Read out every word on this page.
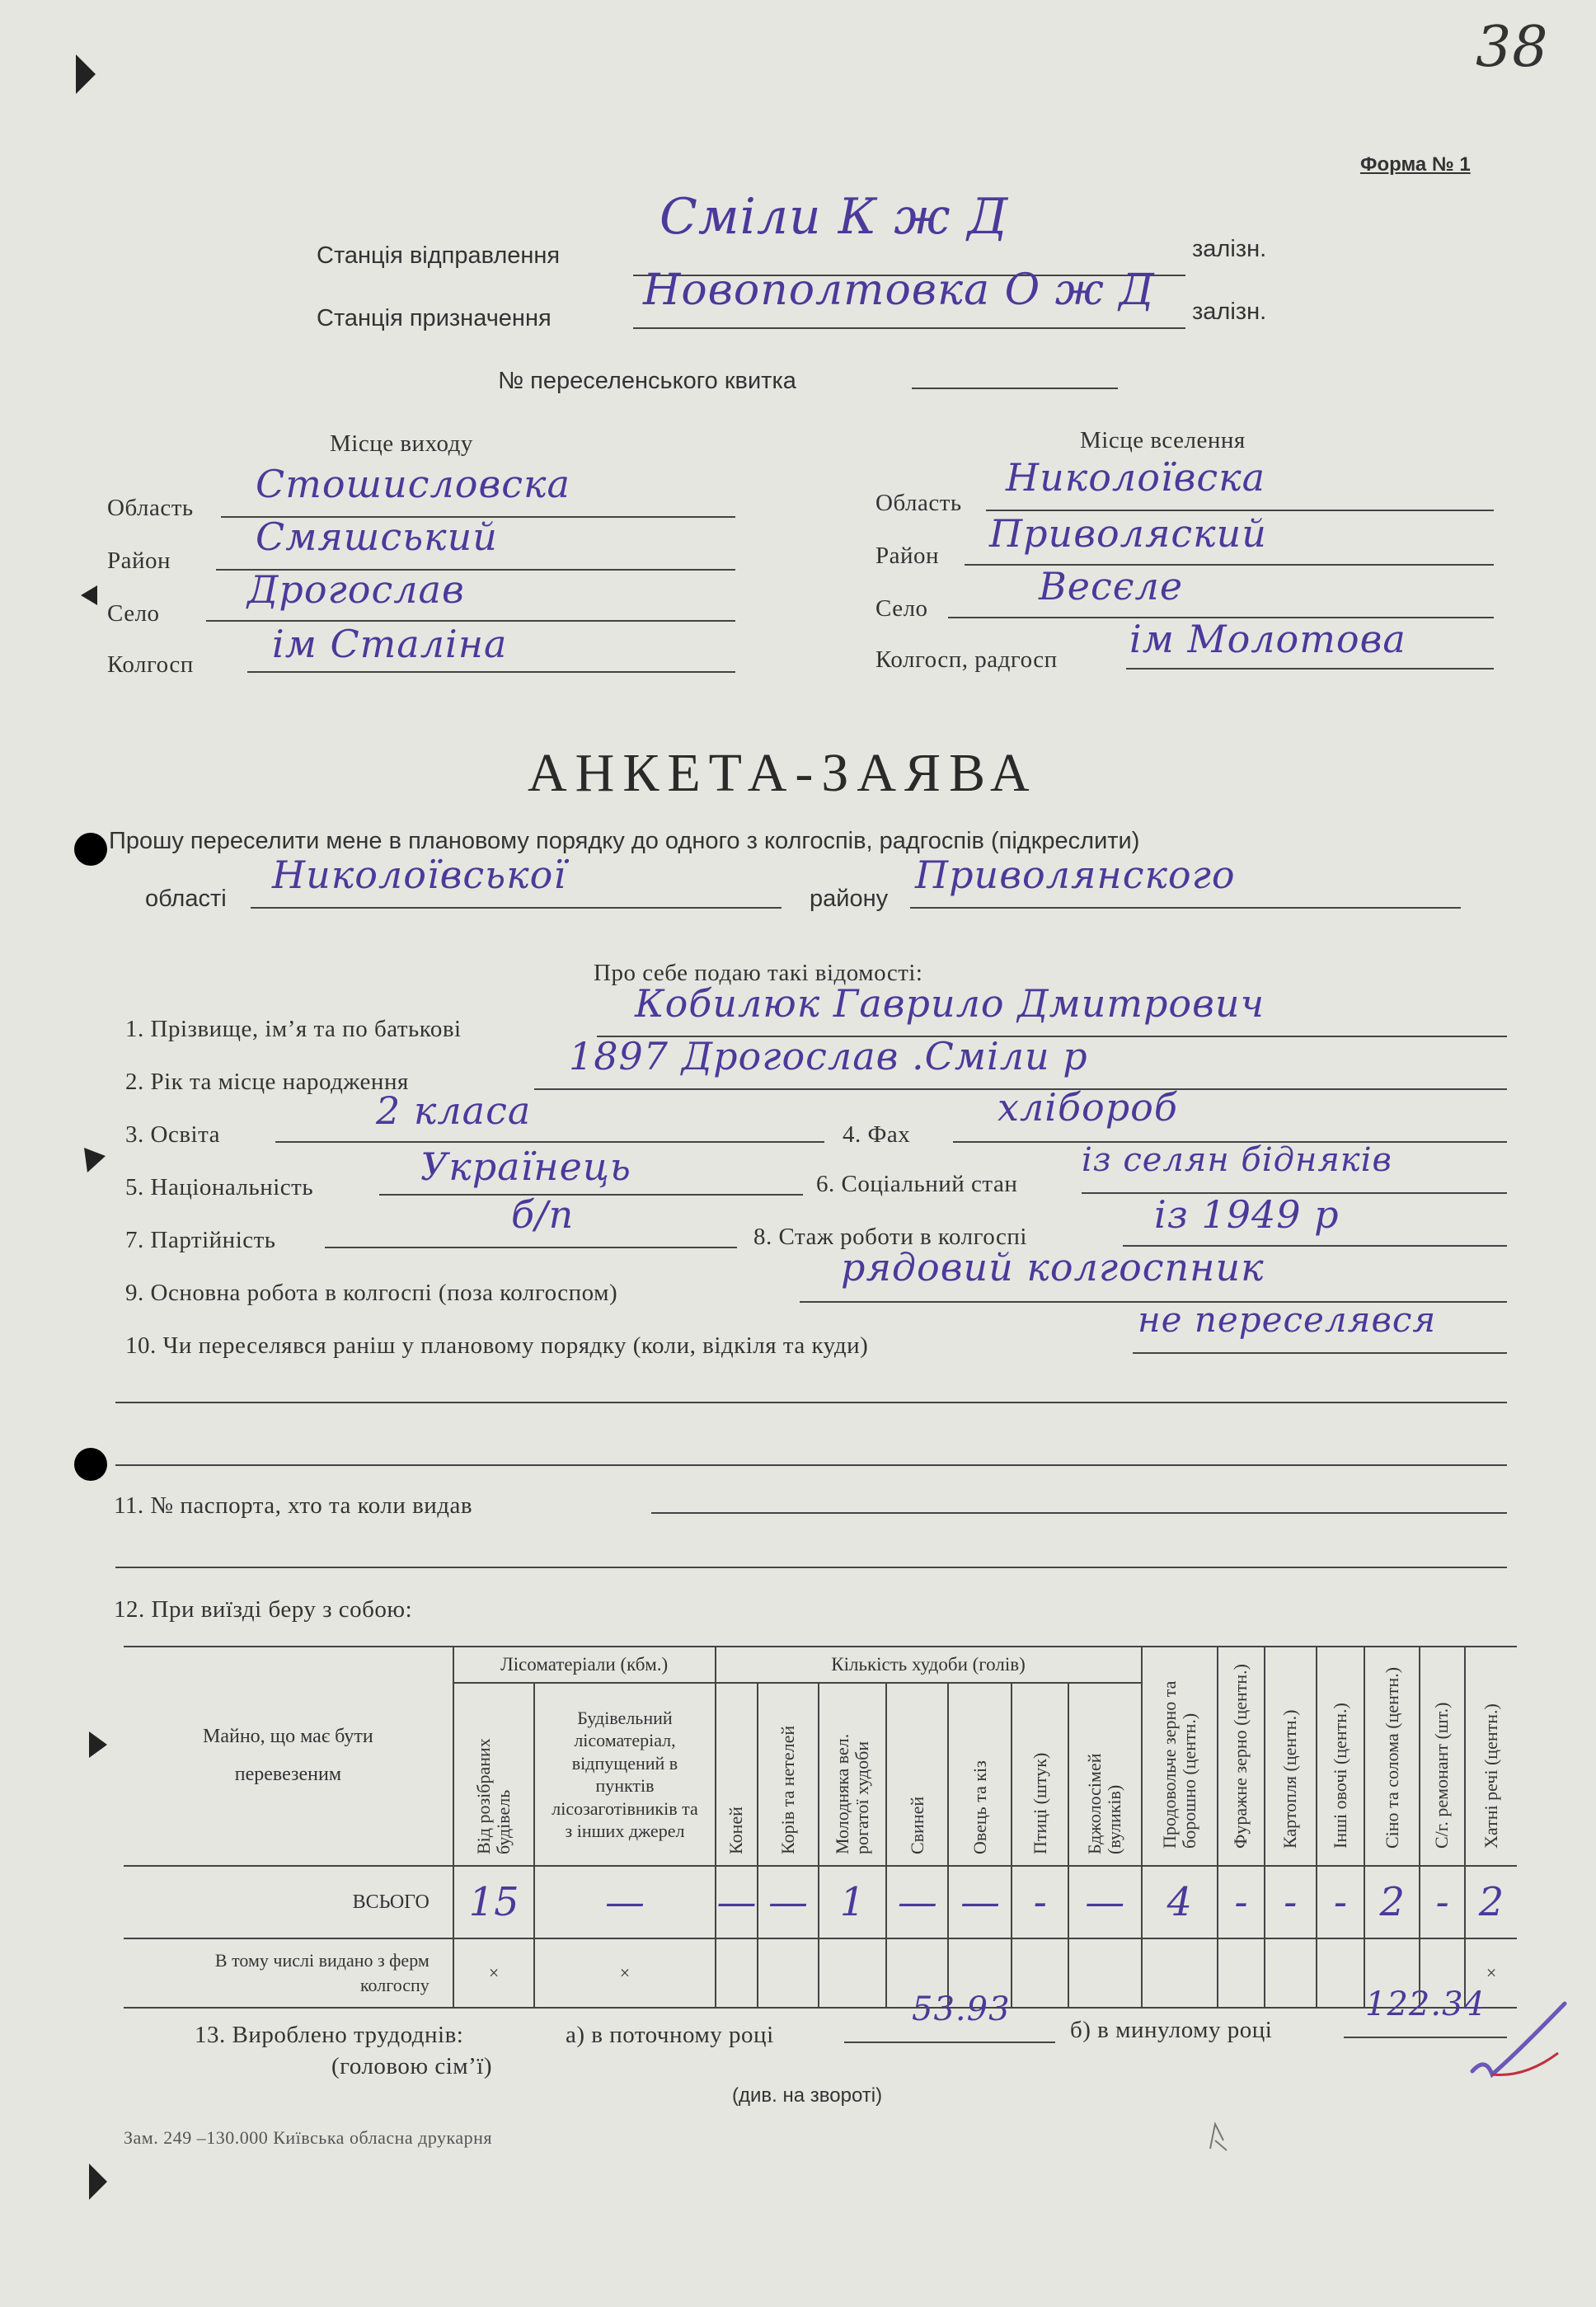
38
Форма № 1
Станція відправлення
Сміли К ж Д
залізн.
Станція призначення
Новополтовка О ж Д залізн.
№ переселенського квитка
Місце виходу
Область
Стошисловска
Район
Смяшський
Село
Дрогослав
Колгосп ім Сталіна
Місце вселення
Область
Николоївска
Район Приволяский
Село	Весєле
Колгосп, радгосп ім Молотова
АНКЕТА-ЗАЯВА
Прошу переселити мене в плановому порядку до одного з колгоспів, радгоспів (підкреслити)
області
Николоївської
району
Приволянского
Про себе подаю такі відомості:
1. Прізвище, ім’я та по батькові
Кобилюк Гаврило Дмитрович
2. Рік та місце народження
1897 Дрогослав .Сміли р
3. Освіта
2 класа
4. Фах
хлібороб
5. Національність	Українець	6. Соціальний стан
із селян бідняків
7. Партійність
б/п	8. Стаж роботи в колгоспі	із 1949 р
9. Основна робота в колгоспі (поза колгоспом)
рядовий колгоспник
10. Чи переселявся раніш у плановому порядку (коли, відкіля та куди)
не переселявся
11. № паспорта, хто та коли видав
12. При виїзді беру з собою:
Майно, що має бути перевезеним	Лісоматеріали (кбм.)		Кількість худоби (голів)							Продовольче зерно та борошно (центн.)	Фуражне зерно (центн.)	Картопля (центн.)	Інші овочі (центн.)	Сіно та солома (центн.)	С/г. ремонант (шт.)	Хатні речі (центн.)
	Від розібраних будівель	Будівельний лісоматеріал, відпущений в пунктів лісозаготівників та з інших джерел	Коней	Корів та нетелей	Молодняка вел. рогатої худоби	Свиней	Овець та кіз	Птиці (штук)	Бджолосімей (вуликів)							
ВСЬОГО	15	—	—	—	1	—	—	-	—	4	-	-	-	2	-	2
В тому числі видано з ферм колгоспу	×	×														×
13. Вироблено трудоднів:
(головою сім’ї)
а) в поточному році
53.93
б) в минулому році
122.34
(див. на звороті)
Зам. 249 –130.000 Київська обласна друкарня
